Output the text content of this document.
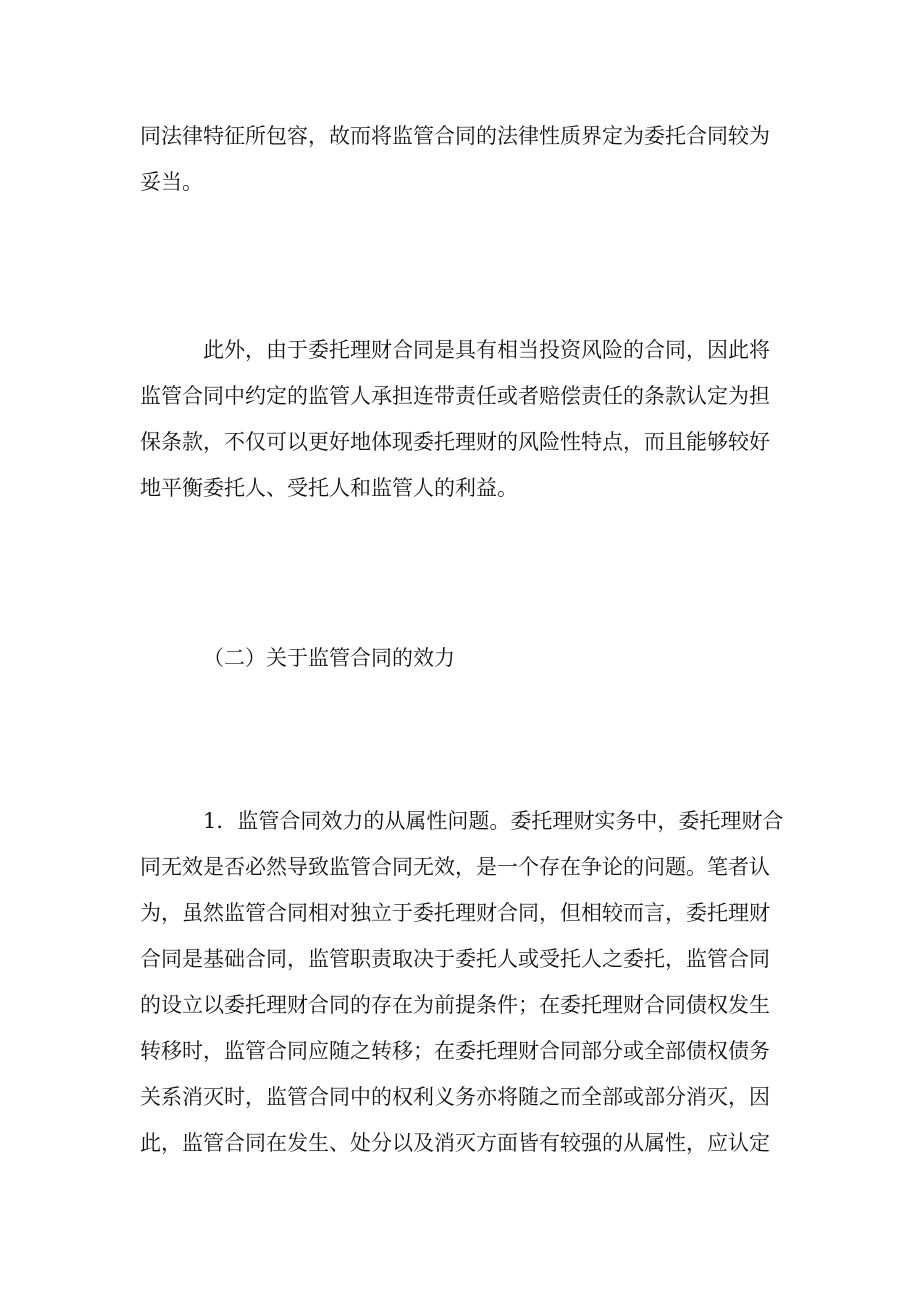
同法律特征所包容，故而将监管合同的法律性质界定为委托合同较为
妥当。
此外，由于委托理财合同是具有相当投资风险的合同，因此将
监管合同中约定的监管人承担连带责任或者赔偿责任的条款认定为担
保条款，不仅可以更好地体现委托理财的风险性特点，而且能够较好
地平衡委托人、受托人和监管人的利益。
（二）关于监管合同的效力
1．监管合同效力的从属性问题。委托理财实务中，委托理财合
同无效是否必然导致监管合同无效，是一个存在争论的问题。笔者认
为，虽然监管合同相对独立于委托理财合同，但相较而言，委托理财
合同是基础合同，监管职责取决于委托人或受托人之委托，监管合同
的设立以委托理财合同的存在为前提条件；在委托理财合同债权发生
转移时，监管合同应随之转移；在委托理财合同部分或全部债权债务
关系消灭时，监管合同中的权利义务亦将随之而全部或部分消灭，因
此，监管合同在发生、处分以及消灭方面皆有较强的从属性，应认定
